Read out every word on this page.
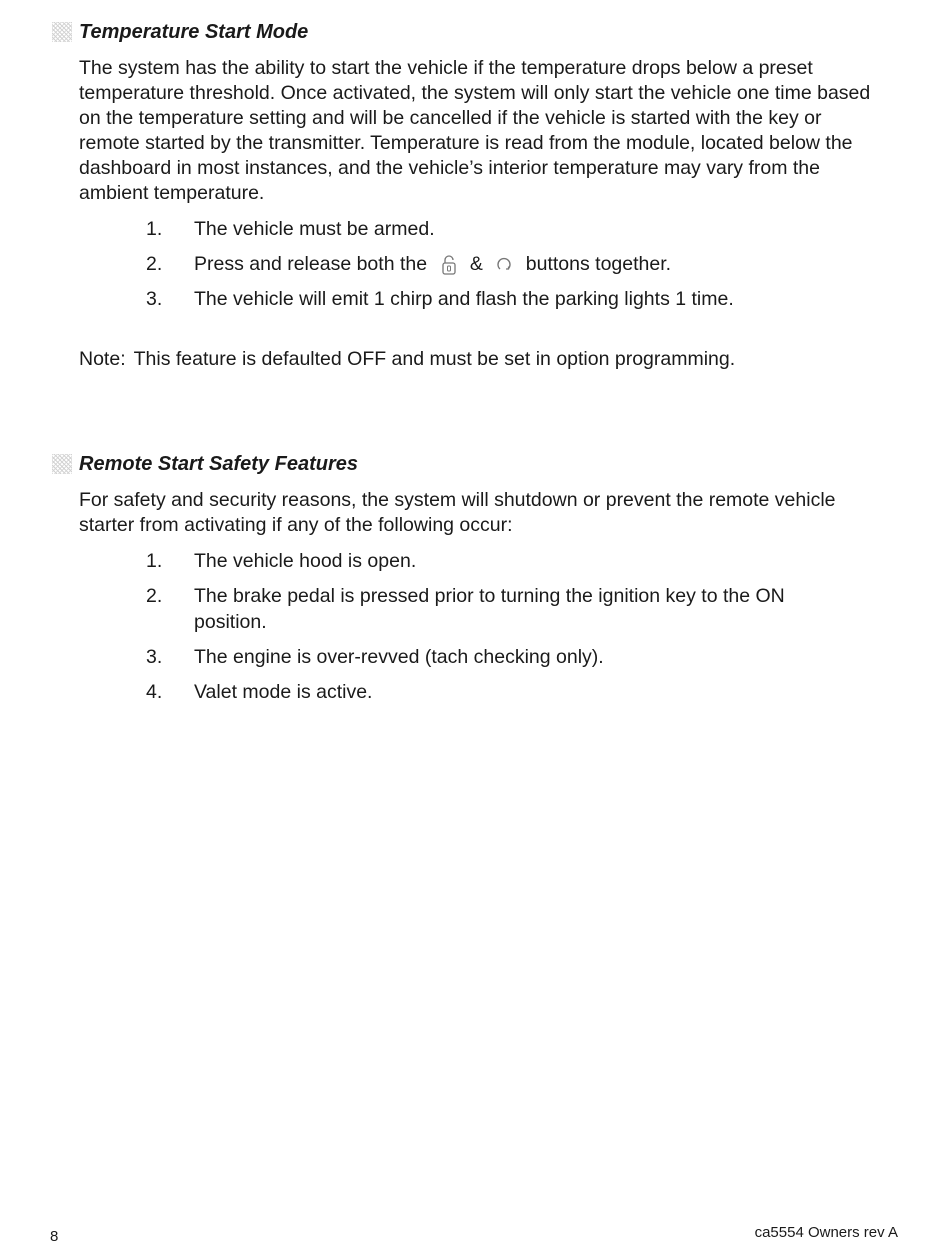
Temperature Start Mode

The system has the ability to start the vehicle if the temperature drops below a preset temperature threshold. Once activated, the system will only start the vehicle one time based on the temperature setting and will be cancelled if the vehicle is started with the key or remote started by the transmitter. Temperature is read from the module, located below the dashboard in most instances, and the vehicle’s interior temperature may vary from the ambient temperature.

1.	The vehicle must be armed.
2.	Press and release both the & buttons together.
3.	The vehicle will emit 1 chirp and flash the parking lights 1 time.
Note: This feature is defaulted OFF and must be set in option programming.
Remote Start Safety Features

For safety and security reasons, the system will shutdown or prevent the remote vehicle starter from activating if any of the following occur:

1.	The vehicle hood is open.
2.	The brake pedal is pressed prior to turning the ignition key to the ON position.
3.	The engine is over-revved (tach checking only).
4.	Valet mode is active.
8	ca5554 Owners rev A
